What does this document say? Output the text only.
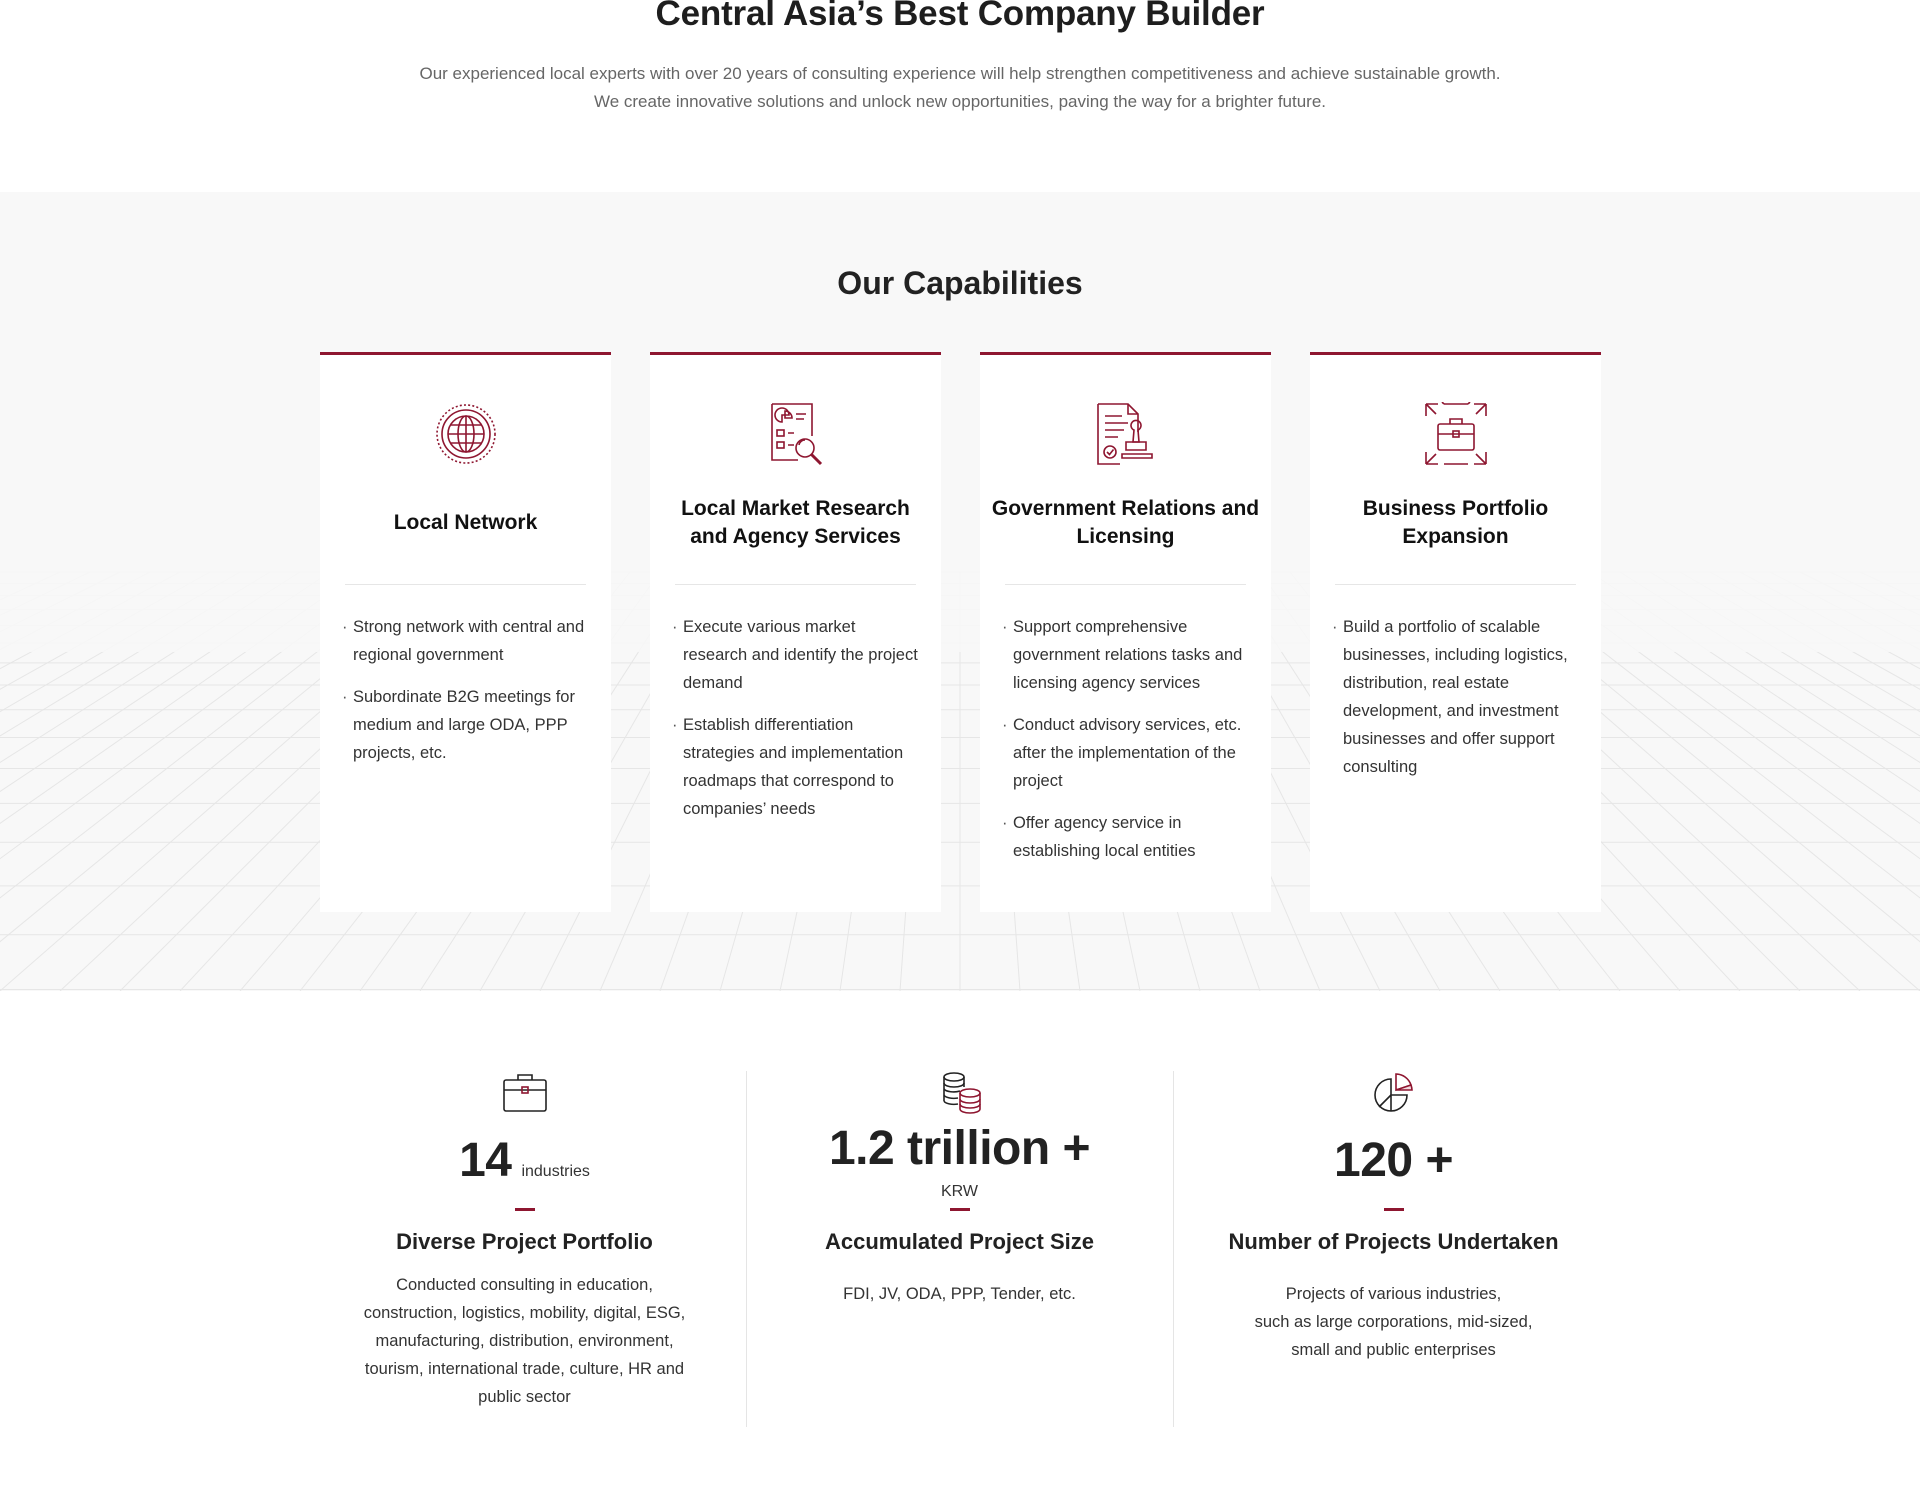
Central Asia’s Best Company Builder

Our experienced local experts with over 20 years of consulting experience will help strengthen competitiveness and achieve sustainable growth.
We create innovative solutions and unlock new opportunities, paving the way for a brighter future.

Our Capabilities
Local Network
· Strong network with central and regional government
· Subordinate B2G meetings for medium and large ODA, PPP projects, etc.
Local Market Research and Agency Services
· Execute various market research and identify the project demand
· Establish differentiation strategies and implementation roadmaps that correspond to companies’ needs
Government Relations and Licensing
· Support comprehensive government relations tasks and licensing agency services
· Conduct advisory services, etc. after the implementation of the project
· Offer agency service in establishing local entities
Business Portfolio Expansion
· Build a portfolio of scalable businesses, including logistics, distribution, real estate development, and investment businesses and offer support consulting
14 industries
Diverse Project Portfolio

Conducted consulting in education,
construction, logistics, mobility, digital, ESG,
manufacturing, distribution, environment,
tourism, international trade, culture, HR and
public sector

1.2 trillion +
KRW
Accumulated Project Size

FDI, JV, ODA, PPP, Tender, etc.

120 +
Number of Projects Undertaken

Projects of various industries,
such as large corporations, mid-sized,
small and public enterprises
